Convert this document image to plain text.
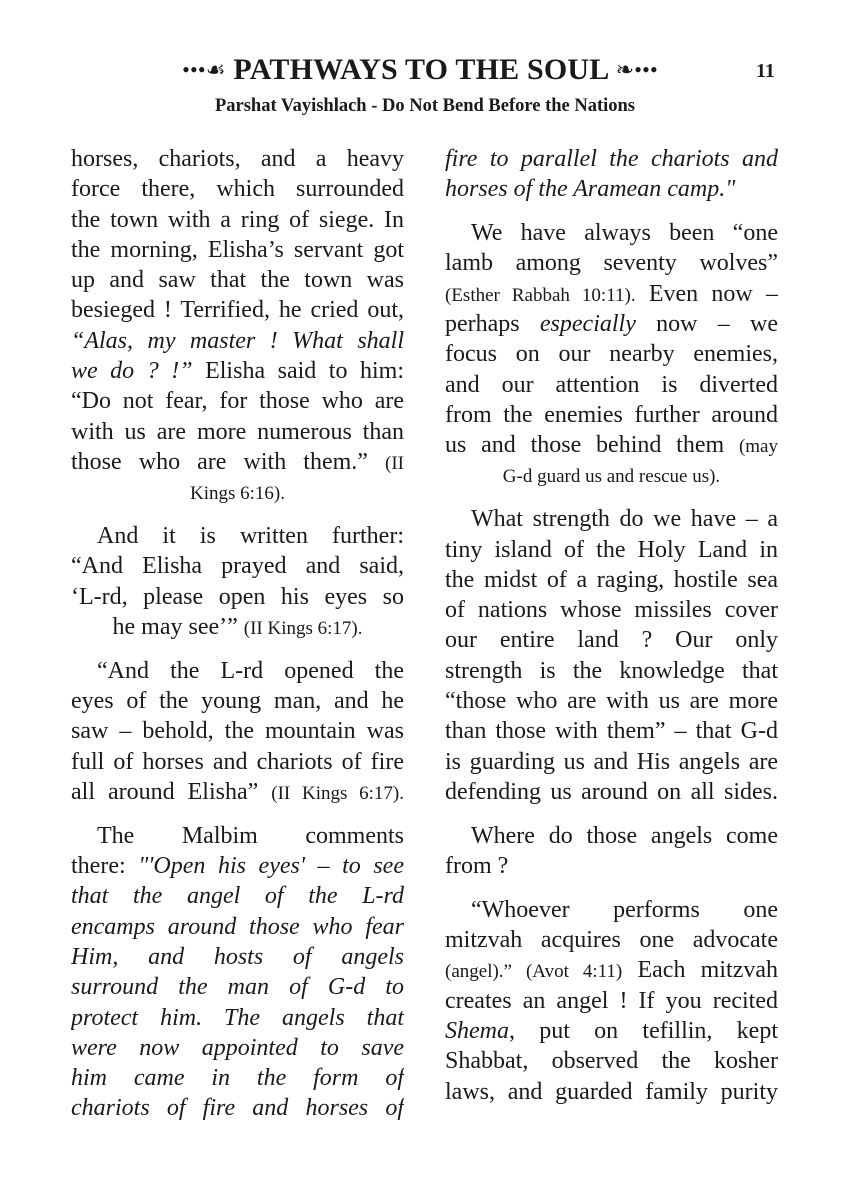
•••☙ PATHWAYS TO THE SOUL ❧•••	11
Parshat Vayishlach - Do Not Bend Before the Nations
horses, chariots, and a heavy
force there, which surrounded
the town with a ring of siege. In
the morning, Elisha’s servant got
up and saw that the town was
besieged ! Terrified, he cried out,
“Alas, my master ! What shall
we do ? !” Elisha said to him:
“Do not fear, for those who are
with us are more numerous than
those who are with them.” (II
Kings 6:16).
And it is written further:
“And Elisha prayed and said,
‘L-rd, please open his eyes so
he may see’” (II Kings 6:17).
“And the L-rd opened the
eyes of the young man, and he
saw – behold, the mountain was
full of horses and chariots of fire
all around Elisha” (II Kings 6:17).
The Malbim comments
there: "'Open his eyes' – to see
that the angel of the L-rd
encamps around those who fear
Him, and hosts of angels
surround the man of G-d to
protect him. The angels that
were now appointed to save
him came in the form of
chariots of fire and horses of
fire to parallel the chariots and
horses of the Aramean camp."
We have always been “one
lamb among seventy wolves”
(Esther Rabbah 10:11). Even now –
perhaps especially now – we
focus on our nearby enemies,
and our attention is diverted
from the enemies further around
us and those behind them (may
G-d guard us and rescue us).
What strength do we have – a
tiny island of the Holy Land in
the midst of a raging, hostile sea
of nations whose missiles cover
our entire land ? Our only
strength is the knowledge that
“those who are with us are more
than those with them” – that G-d
is guarding us and His angels are
defending us around on all sides.
Where do those angels come
from ?
“Whoever performs one
mitzvah acquires one advocate
(angel).” (Avot 4:11) Each mitzvah
creates an angel ! If you recited
Shema, put on tefillin, kept
Shabbat, observed the kosher
laws, and guarded family purity
